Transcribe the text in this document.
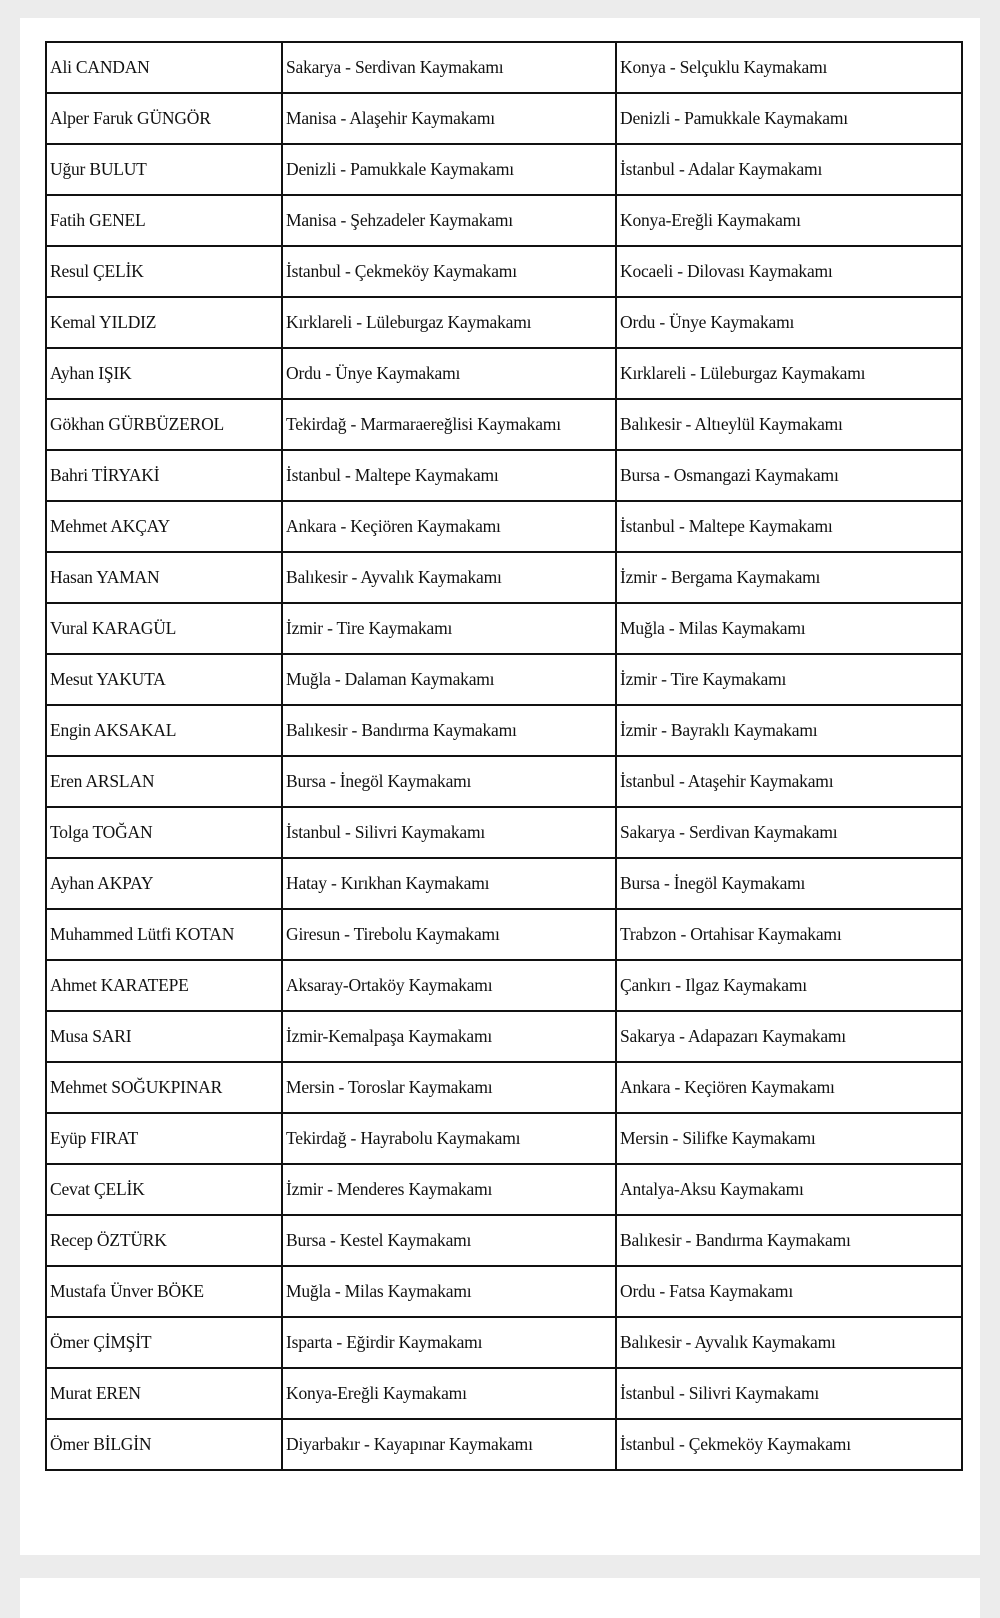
Ali CANDAN	Sakarya - Serdivan Kaymakamı	Konya - Selçuklu Kaymakamı
Alper Faruk GÜNGÖR	Manisa - Alaşehir Kaymakamı	Denizli - Pamukkale Kaymakamı
Uğur BULUT	Denizli - Pamukkale Kaymakamı	İstanbul - Adalar Kaymakamı
Fatih GENEL	Manisa - Şehzadeler Kaymakamı	Konya-Ereğli Kaymakamı
Resul ÇELİK	İstanbul - Çekmeköy Kaymakamı	Kocaeli - Dilovası Kaymakamı
Kemal YILDIZ	Kırklareli - Lüleburgaz Kaymakamı	Ordu - Ünye Kaymakamı
Ayhan IŞIK	Ordu - Ünye Kaymakamı	Kırklareli - Lüleburgaz Kaymakamı
Gökhan GÜRBÜZEROL	Tekirdağ - Marmaraereğlisi Kaymakamı	Balıkesir - Altıeylül Kaymakamı
Bahri TİRYAKİ	İstanbul - Maltepe Kaymakamı	Bursa - Osmangazi Kaymakamı
Mehmet AKÇAY	Ankara - Keçiören Kaymakamı	İstanbul - Maltepe Kaymakamı
Hasan YAMAN	Balıkesir - Ayvalık Kaymakamı	İzmir - Bergama Kaymakamı
Vural KARAGÜL	İzmir - Tire Kaymakamı	Muğla - Milas Kaymakamı
Mesut YAKUTA	Muğla - Dalaman Kaymakamı	İzmir - Tire Kaymakamı
Engin AKSAKAL	Balıkesir - Bandırma Kaymakamı	İzmir - Bayraklı Kaymakamı
Eren ARSLAN	Bursa - İnegöl Kaymakamı	İstanbul - Ataşehir Kaymakamı
Tolga TOĞAN	İstanbul - Silivri Kaymakamı	Sakarya - Serdivan Kaymakamı
Ayhan AKPAY	Hatay - Kırıkhan Kaymakamı	Bursa - İnegöl Kaymakamı
Muhammed Lütfi KOTAN	Giresun - Tirebolu Kaymakamı	Trabzon - Ortahisar Kaymakamı
Ahmet KARATEPE	Aksaray-Ortaköy Kaymakamı	Çankırı - Ilgaz Kaymakamı
Musa SARI	İzmir-Kemalpaşa Kaymakamı	Sakarya - Adapazarı Kaymakamı
Mehmet SOĞUKPINAR	Mersin - Toroslar Kaymakamı	Ankara - Keçiören Kaymakamı
Eyüp FIRAT	Tekirdağ - Hayrabolu Kaymakamı	Mersin - Silifke Kaymakamı
Cevat ÇELİK	İzmir - Menderes Kaymakamı	Antalya-Aksu Kaymakamı
Recep ÖZTÜRK	Bursa - Kestel Kaymakamı	Balıkesir - Bandırma Kaymakamı
Mustafa Ünver BÖKE	Muğla - Milas Kaymakamı	Ordu - Fatsa Kaymakamı
Ömer ÇİMŞİT	Isparta - Eğirdir Kaymakamı	Balıkesir - Ayvalık Kaymakamı
Murat EREN	Konya-Ereğli Kaymakamı	İstanbul - Silivri Kaymakamı
Ömer BİLGİN	Diyarbakır - Kayapınar Kaymakamı	İstanbul - Çekmeköy Kaymakamı
